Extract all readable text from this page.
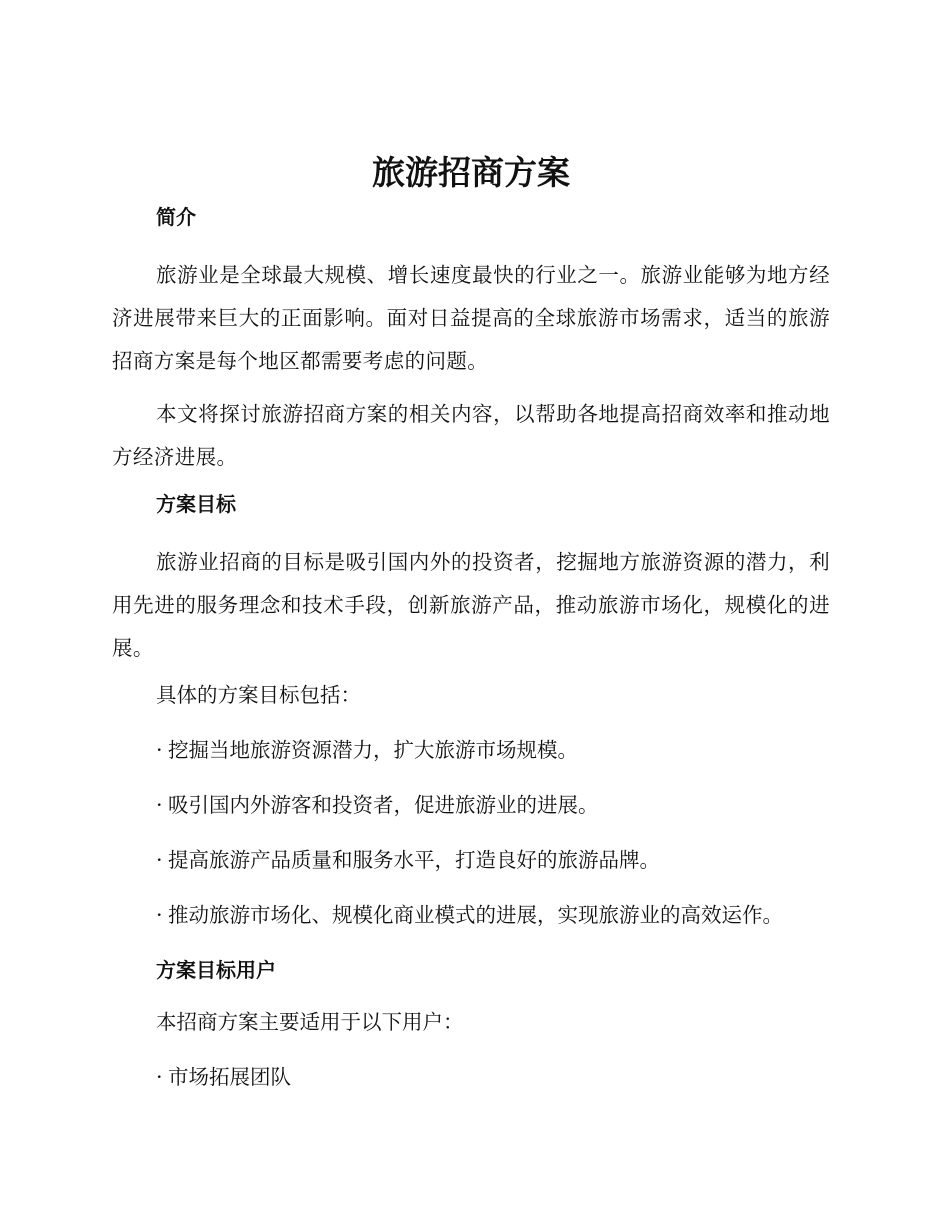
旅游招商方案
简介

旅游业是全球最大规模、增长速度最快的行业之一。旅游业能够为地方经济进展带来巨大的正面影响。面对日益提高的全球旅游市场需求，适当的旅游招商方案是每个地区都需要考虑的问题。

本文将探讨旅游招商方案的相关内容，以帮助各地提高招商效率和推动地方经济进展。

方案目标

旅游业招商的目标是吸引国内外的投资者，挖掘地方旅游资源的潜力，利用先进的服务理念和技术手段，创新旅游产品，推动旅游市场化，规模化的进展。

具体的方案目标包括：
· 挖掘当地旅游资源潜力，扩大旅游市场规模。
· 吸引国内外游客和投资者，促进旅游业的进展。
· 提高旅游产品质量和服务水平，打造良好的旅游品牌。
· 推动旅游市场化、规模化商业模式的进展，实现旅游业的高效运作。
方案目标用户
本招商方案主要适用于以下用户：
· 市场拓展团队
